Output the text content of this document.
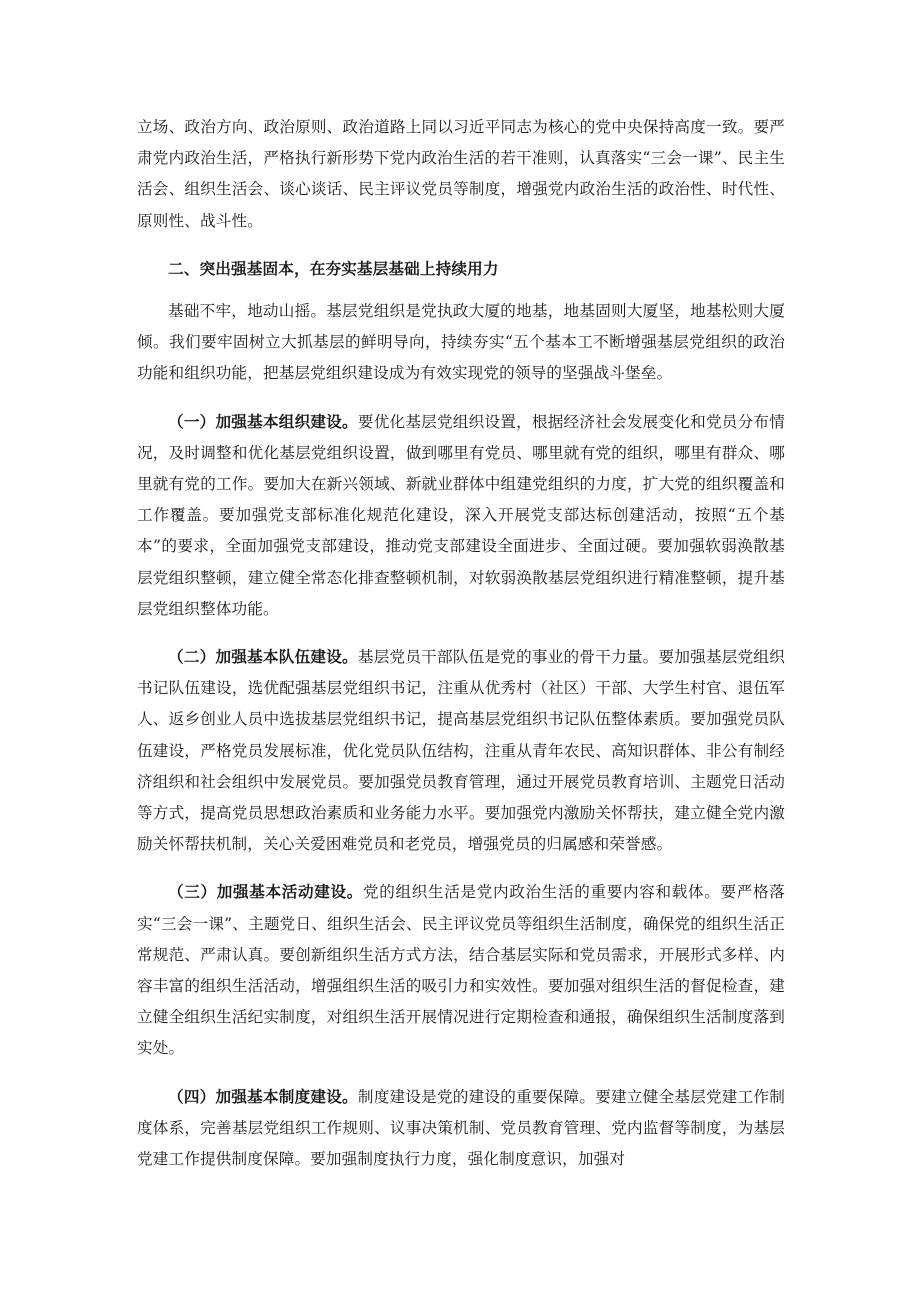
立场、政治方向、政治原则、政治道路上同以习近平同志为核心的党中央保持高度一致。要严肃党内政治生活，严格执行新形势下党内政治生活的若干准则，认真落实“三会一课”、民主生活会、组织生活会、谈心谈话、民主评议党员等制度，增强党内政治生活的政治性、时代性、原则性、战斗性。

二、突出强基固本，在夯实基层基础上持续用力

基础不牢，地动山摇。基层党组织是党执政大厦的地基，地基固则大厦坚，地基松则大厦倾。我们要牢固树立大抓基层的鲜明导向，持续夯实“五个基本工不断增强基层党组织的政治功能和组织功能，把基层党组织建设成为有效实现党的领导的坚强战斗堡垒。

（一）加强基本组织建设。要优化基层党组织设置，根据经济社会发展变化和党员分布情况，及时调整和优化基层党组织设置，做到哪里有党员、哪里就有党的组织，哪里有群众、哪里就有党的工作。要加大在新兴领域、新就业群体中组建党组织的力度，扩大党的组织覆盖和工作覆盖。要加强党支部标准化规范化建设，深入开展党支部达标创建活动，按照“五个基本”的要求，全面加强党支部建设，推动党支部建设全面进步、全面过硬。要加强软弱涣散基层党组织整顿，建立健全常态化排查整顿机制，对软弱涣散基层党组织进行精准整顿，提升基层党组织整体功能。

（二）加强基本队伍建设。基层党员干部队伍是党的事业的骨干力量。要加强基层党组织书记队伍建设，选优配强基层党组织书记，注重从优秀村（社区）干部、大学生村官、退伍军人、返乡创业人员中选拔基层党组织书记，提高基层党组织书记队伍整体素质。要加强党员队伍建设，严格党员发展标准，优化党员队伍结构，注重从青年农民、高知识群体、非公有制经济组织和社会组织中发展党员。要加强党员教育管理，通过开展党员教育培训、主题党日活动等方式，提高党员思想政治素质和业务能力水平。要加强党内激励关怀帮扶，建立健全党内激励关怀帮扶机制，关心关爱困难党员和老党员，增强党员的归属感和荣誉感。

（三）加强基本活动建设。党的组织生活是党内政治生活的重要内容和载体。要严格落实“三会一课”、主题党日、组织生活会、民主评议党员等组织生活制度，确保党的组织生活正常规范、严肃认真。要创新组织生活方式方法，结合基层实际和党员需求，开展形式多样、内容丰富的组织生活活动，增强组织生活的吸引力和实效性。要加强对组织生活的督促检查，建立健全组织生活纪实制度，对组织生活开展情况进行定期检查和通报，确保组织生活制度落到实处。

（四）加强基本制度建设。制度建设是党的建设的重要保障。要建立健全基层党建工作制度体系，完善基层党组织工作规则、议事决策机制、党员教育管理、党内监督等制度，为基层党建工作提供制度保障。要加强制度执行力度，强化制度意识，加强对
